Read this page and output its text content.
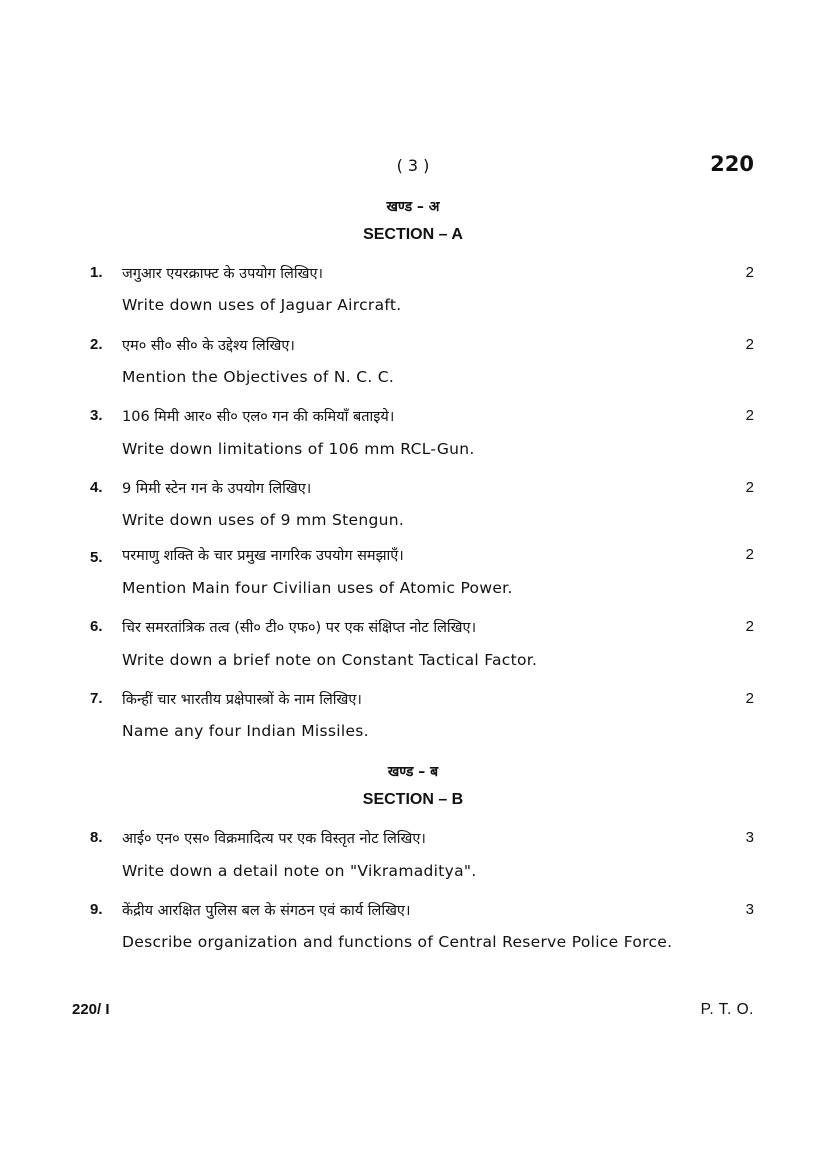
( 3 )	220
खण्ड – अ
SECTION – A
1. जगुआर एयरक्राफ्ट के उपयोग लिखिए।	2
Write down uses of Jaguar Aircraft.
2. एम० सी० सी० के उद्देश्य लिखिए।	2
Mention the Objectives of N. C. C.
3. 106 मिमी आर० सी० एल० गन की कमियाँ बताइये।	2
Write down limitations of 106 mm RCL-Gun.
4. 9 मिमी स्टेन गन के उपयोग लिखिए।	2
Write down uses of 9 mm Stengun.
5. परमाणु शक्ति के चार प्रमुख नागरिक उपयोग समझाएँ।	2
Mention Main four Civilian uses of Atomic Power.
6. चिर समरतांत्रिक तत्व (सी० टी० एफ०) पर एक संक्षिप्त नोट लिखिए।	2
Write down a brief note on Constant Tactical Factor.
7. किन्हीं चार भारतीय प्रक्षेपास्त्रों के नाम लिखिए।	2
Name any four Indian Missiles.
खण्ड – ब
SECTION – B
8. आई० एन० एस० विक्रमादित्य पर एक विस्तृत नोट लिखिए।	3
Write down a detail note on "Vikramaditya".
9. केंद्रीय आरक्षित पुलिस बल के संगठन एवं कार्य लिखिए।	3
Describe organization and functions of Central Reserve Police Force.
220/ I	P. T. O.
